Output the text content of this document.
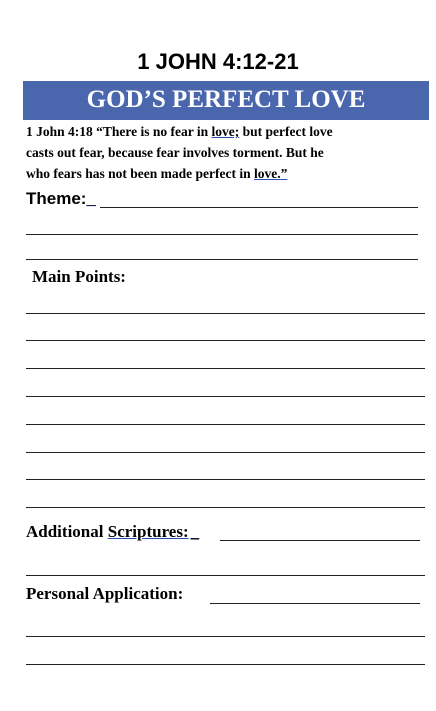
1 JOHN 4:12-21
GOD’S PERFECT LOVE
1 John 4:18 “There is no fear in love; but perfect love
casts out fear, because fear involves torment. But he
who fears has not been made perfect in love.”
Theme:_
Main Points:
Additional Scriptures: _
Personal Application:
